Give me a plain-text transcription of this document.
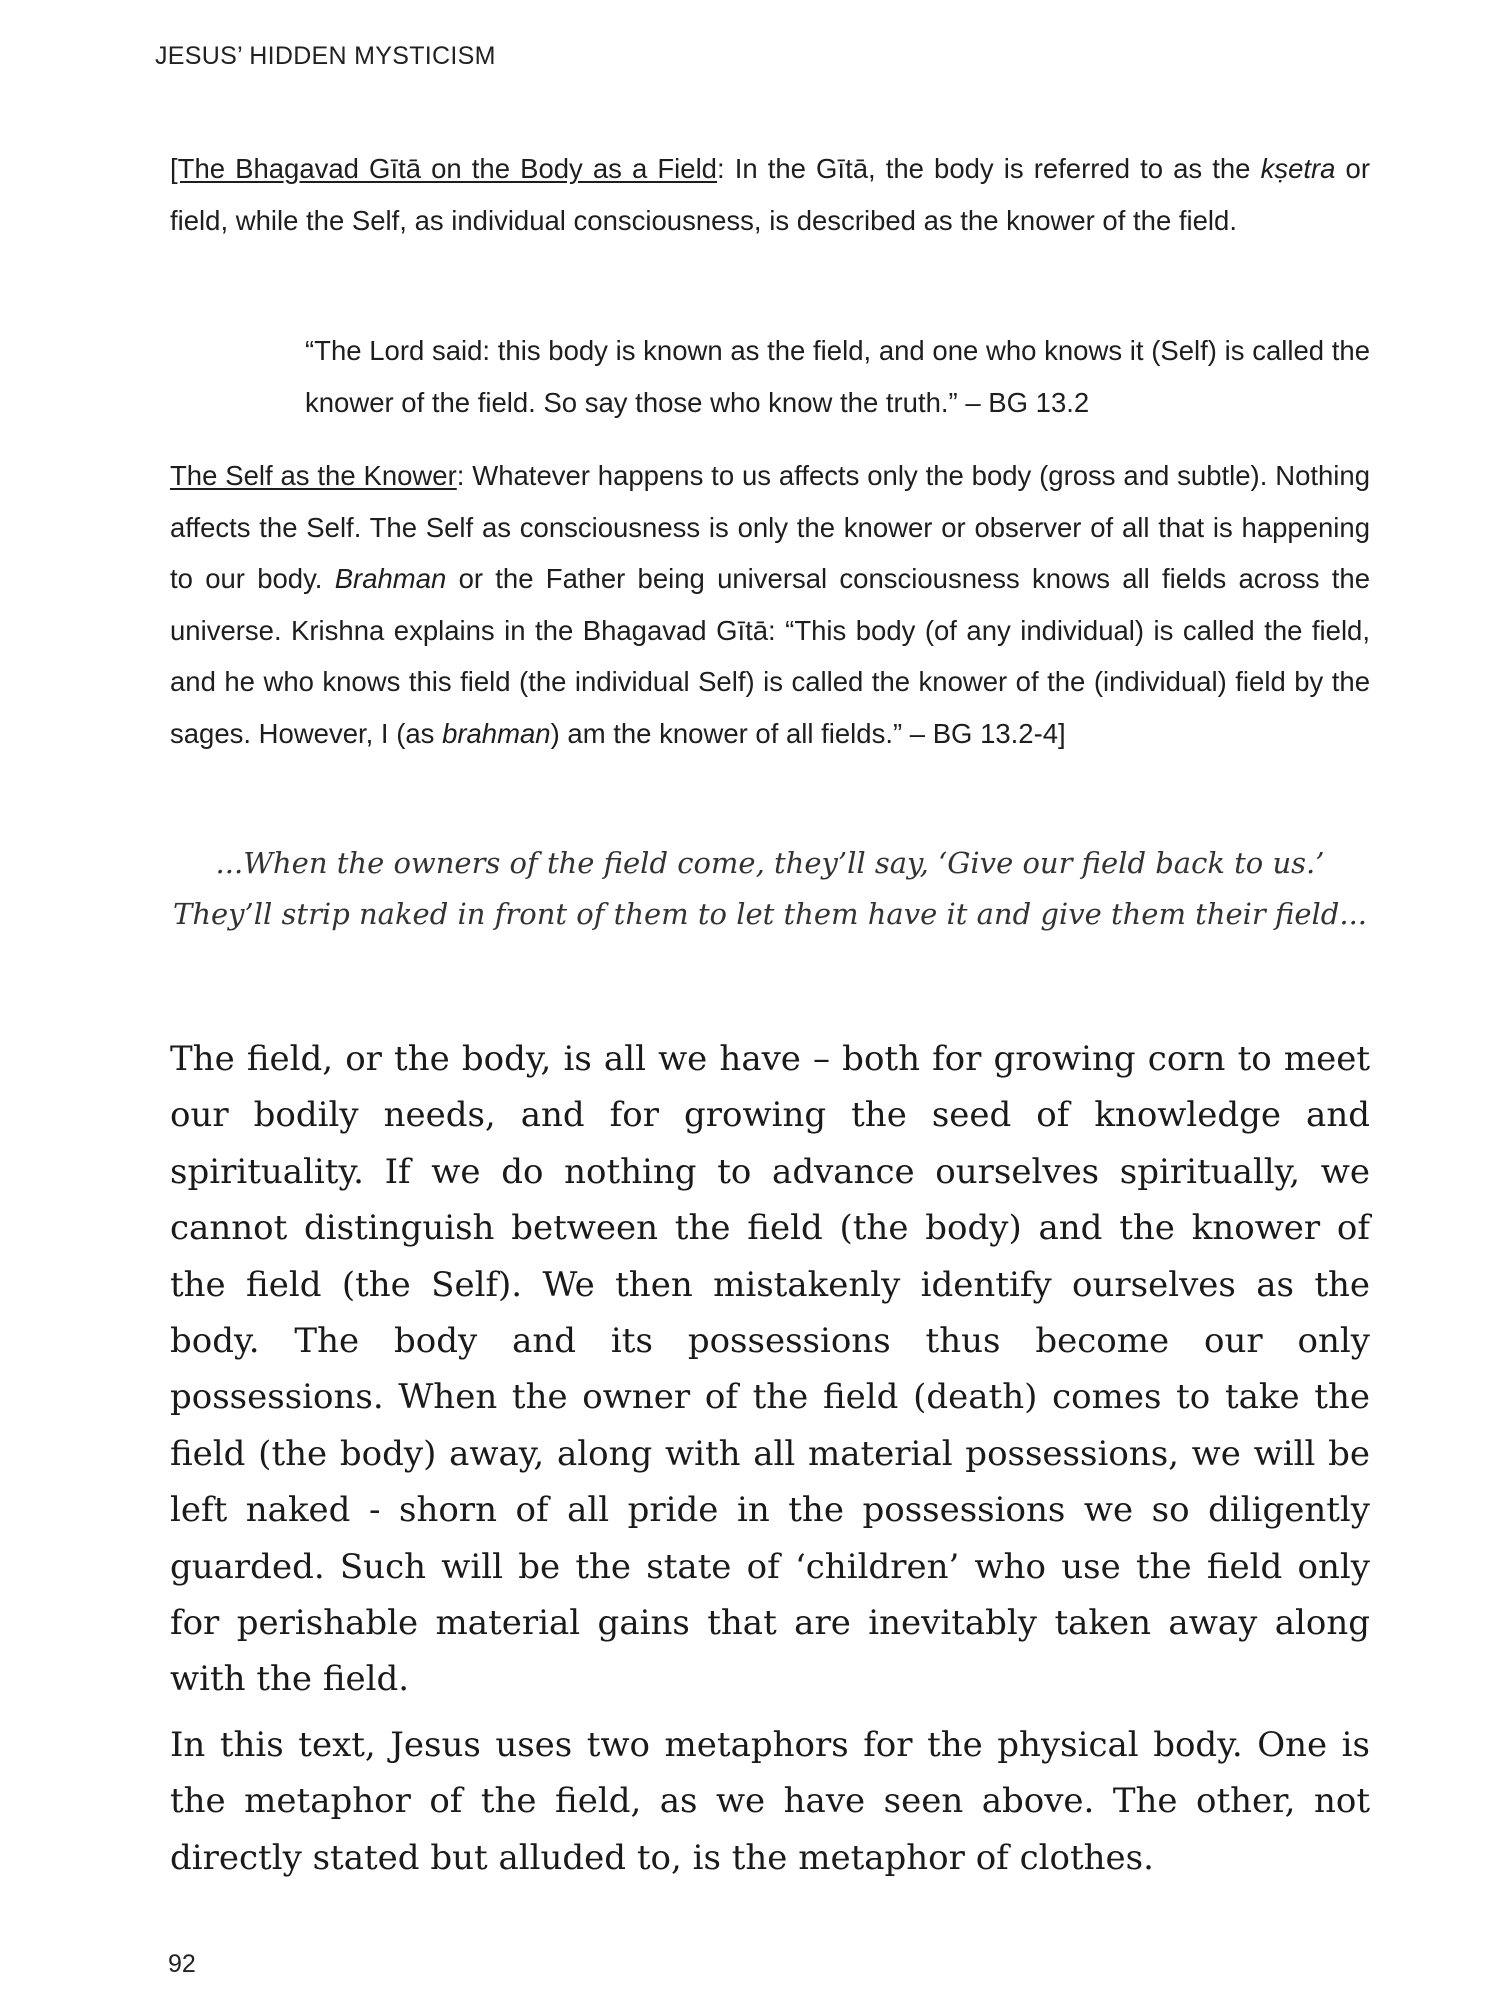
JESUS’ HIDDEN MYSTICISM

[The Bhagavad Gītā on the Body as a Field: In the Gītā, the body is referred to as the kṣetra or field, while the Self, as individual consciousness, is described as the knower of the field.

“The Lord said: this body is known as the field, and one who knows it (Self) is called the knower of the field. So say those who know the truth.” – BG 13.2

The Self as the Knower: Whatever happens to us affects only the body (gross and subtle). Nothing affects the Self. The Self as consciousness is only the knower or observer of all that is happening to our body. Brahman or the Father being universal consciousness knows all fields across the universe. Krishna explains in the Bhagavad Gītā: “This body (of any individual) is called the field, and he who knows this field (the individual Self) is called the knower of the (individual) field by the sages. However, I (as brahman) am the knower of all fields.” – BG 13.2-4]

...When the owners of the field come, they’ll say, ‘Give our field back to us.’ They’ll strip naked in front of them to let them have it and give them their field...

The field, or the body, is all we have – both for growing corn to meet our bodily needs, and for growing the seed of knowledge and spirituality. If we do nothing to advance ourselves spiritually, we cannot distinguish between the field (the body) and the knower of the field (the Self). We then mistakenly identify ourselves as the body. The body and its possessions thus become our only possessions. When the owner of the field (death) comes to take the field (the body) away, along with all material possessions, we will be left naked - shorn of all pride in the possessions we so diligently guarded. Such will be the state of ‘children’ who use the field only for perishable material gains that are inevitably taken away along with the field.

In this text, Jesus uses two metaphors for the physical body. One is the metaphor of the field, as we have seen above. The other, not directly stated but alluded to, is the metaphor of clothes.

92
